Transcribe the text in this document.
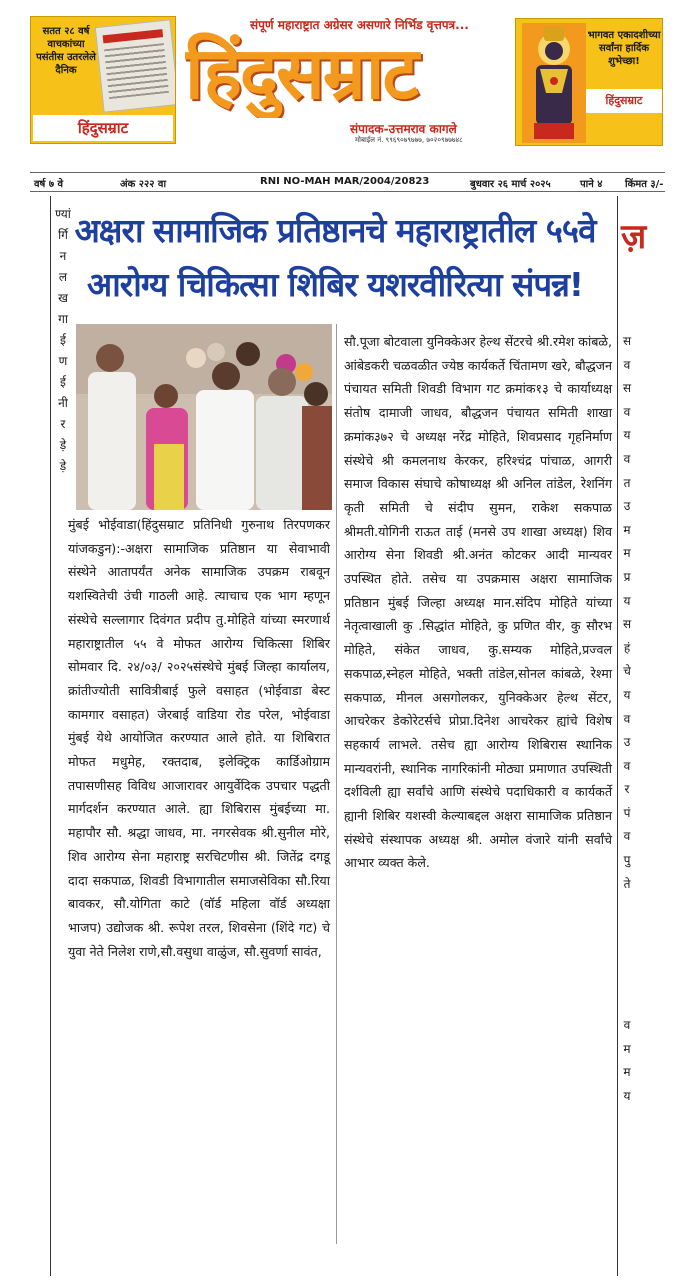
सतत २८ वर्ष वाचकांच्या पसंतीस उतरलेले दैनिक
हिंदुसम्राट
संपूर्ण महाराष्ट्रात अग्रेसर असणारे निर्भिड वृत्तपत्र...
हिंदुसम्राट
संपादक-उत्तमराव कागले
मोबाईल नं. ९९६९०७९७७७, ७०२०९७७७४८
भागवत एकादशीच्या सर्वांना हार्दिक शुभेच्छा!
हिंदुसम्राट
वर्ष ७ वे	अंक २२२ वा	RNI NO-MAH MAR/2004/20823	बुधवार २६ मार्च २०२५	पाने ४ किंमत ३/-
ण्यां
र्गि
न
ल
ख
गा
ई
ण
ई
नी
र
ड़े
ड़े
अक्षरा सामाजिक प्रतिष्ठानचे महाराष्ट्रातील ५५वे
आरोग्य चिकित्सा शिबिर यशरवीरित्या संपन्न!
ज़
मुंबई भोईवाडा(हिंदुसम्राट प्रतिनिधी गुरुनाथ तिरपणकर यांजकडुन):-अक्षरा सामाजिक प्रतिष्ठान या सेवाभावी संस्थेने आतापर्यंत अनेक सामाजिक उपक्रम राबवून यशस्वितेची उंची गाठली आहे. त्याचाच एक भाग म्हणून संस्थेचे सल्लागार दिवंगत प्रदीप तु.मोहिते यांच्या स्मरणार्थ महाराष्ट्रातील ५५ वे मोफत आरोग्य चिकित्सा शिबिर सोमवार दि. २४/०३/ २०२५संस्थेचे मुंबई जिल्हा कार्यालय, क्रांतीज्योती सावित्रीबाई फुले वसाहत (भोईवाडा बेस्ट कामगार वसाहत) जेरबाई वाडिया रोड परेल, भोईवाडा मुंबई येथे आयोजित करण्यात आले होते. या शिबिरात मोफत मधुमेह, रक्तदाब, इलेक्ट्रिक कार्डिओग्राम तपासणीसह विविध आजारावर आयुर्वेदिक उपचार पद्धती मार्गदर्शन करण्यात आले. ह्या शिबिरास मुंबईच्या मा. महापौर सौ. श्रद्धा जाधव, मा. नगरसेवक श्री.सुनील मोरे, शिव आरोग्य सेना महाराष्ट्र सरचिटणीस श्री. जितेंद्र दगडू दादा सकपाळ, शिवडी विभागातील समाजसेविका सौ.रिया बावकर, सौ.योगिता काटे (वॉर्ड महिला वॉर्ड अध्यक्षा भाजप) उद्योजक श्री. रूपेश तरल, शिवसेना (शिंदे गट) चे युवा नेते निलेश राणे,सौ.वसुधा वाळुंज, सौ.सुवर्णा सावंत,
सौ.पूजा बोटवाला युनिक्केअर हेल्थ सेंटरचे श्री.रमेश कांबळे, आंबेडकरी चळवळीत ज्येष्ठ कार्यकर्ते चिंतामण खरे, बौद्धजन पंचायत समिती शिवडी विभाग गट क्रमांक१३ चे कार्याध्यक्ष संतोष दामाजी जाधव, बौद्धजन पंचायत समिती शाखा क्रमांक३७२ चे अध्यक्ष नरेंद्र मोहिते, शिवप्रसाद गृहनिर्माण संस्थेचे श्री कमलनाथ केरकर, हरिश्चंद्र पांचाळ, आगरी समाज विकास संघाचे कोषाध्यक्ष श्री अनिल तांडेल, रेशनिंग कृती समिती चे संदीप सुमन, राकेश सकपाळ श्रीमती.योगिनी राऊत ताई (मनसे उप शाखा अध्यक्ष) शिव आरोग्य सेना शिवडी श्री.अनंत कोटकर आदी मान्यवर उपस्थित होते. तसेच या उपक्रमास अक्षरा सामाजिक प्रतिष्ठान मुंबई जिल्हा अध्यक्ष मान.संदिप मोहिते यांच्या नेतृत्वाखाली कु .सिद्धांत मोहिते, कु प्रणित वीर, कु सौरभ मोहिते, संकेत जाधव, कु.सम्यक मोहिते,प्रज्वल सकपाळ,स्नेहल मोहिते, भक्ती तांडेल,सोनल कांबळे, रेश्मा सकपाळ, मीनल असगोलकर, युनिक्केअर हेल्थ सेंटर, आचरेकर डेकोरेटर्सचे प्रोप्रा.दिनेश आचरेकर ह्यांचे विशेष सहकार्य लाभले. तसेच ह्या आरोग्य शिबिरास स्थानिक मान्यवरांनी, स्थानिक नागरिकांनी मोठ्या प्रमाणात उपस्थिती दर्शविली ह्या सर्वांचे आणि संस्थेचे पदाधिकारी व कार्यकर्ते ह्यानी शिबिर यशस्वी केल्याबद्दल अक्षरा सामाजिक प्रतिष्ठान संस्थेचे संस्थापक अध्यक्ष श्री. अमोल वंजारे यांनी सर्वांचे आभार व्यक्त केले.
स
व
स
व
य
व
त
उ
म
म
प्र
य
स
हं
चे
य
व
उ
व
र
पं
व
पु
ते

व
म
म
य
